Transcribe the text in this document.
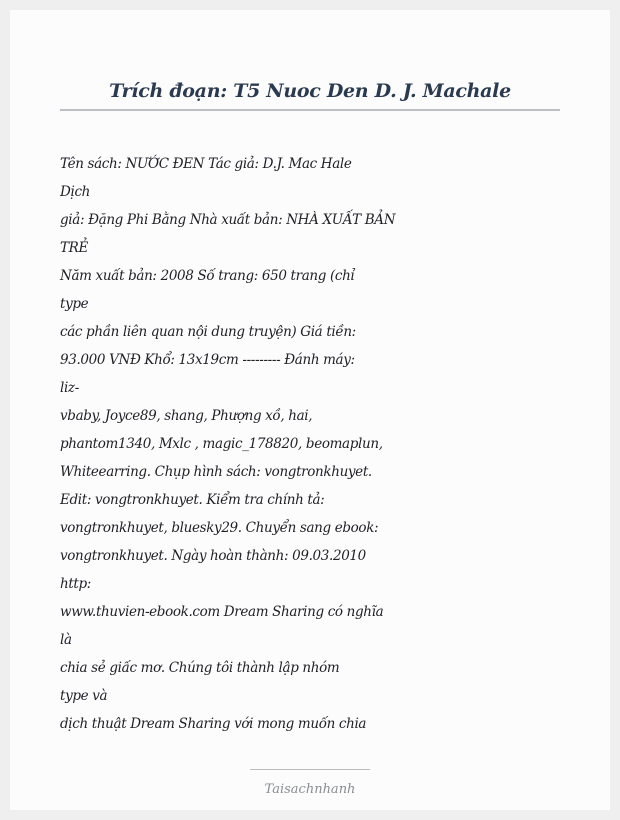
Trích đoạn: T5 Nuoc Den D. J. Machale
Tên sách: NƯỚC ĐEN Tác giả: D.J. Mac Hale
Dịch
giả: Đặng Phi Bằng Nhà xuất bản: NHÀ XUẤT BẢN
TRẺ
Năm xuất bản: 2008 Số trang: 650 trang (chỉ
type
các phần liên quan nội dung truyện) Giá tiền:
93.000 VNĐ Khổ: 13x19cm --------- Đánh máy:
liz-
vbaby, Joyce89, shang, Phượng xồ, hai,
phantom1340, Mxlc , magic_178820, beomaplun,
Whiteearring. Chụp hình sách: vongtronkhuyet.
Edit: vongtronkhuyet. Kiểm tra chính tả:
vongtronkhuyet, bluesky29. Chuyển sang ebook:
vongtronkhuyet. Ngày hoàn thành: 09.03.2010
http:
www.thuvien-ebook.com Dream Sharing có nghĩa
là
chia sẻ giấc mơ. Chúng tôi thành lập nhóm
type và
dịch thuật Dream Sharing với mong muốn chia
Taisachnhanh
